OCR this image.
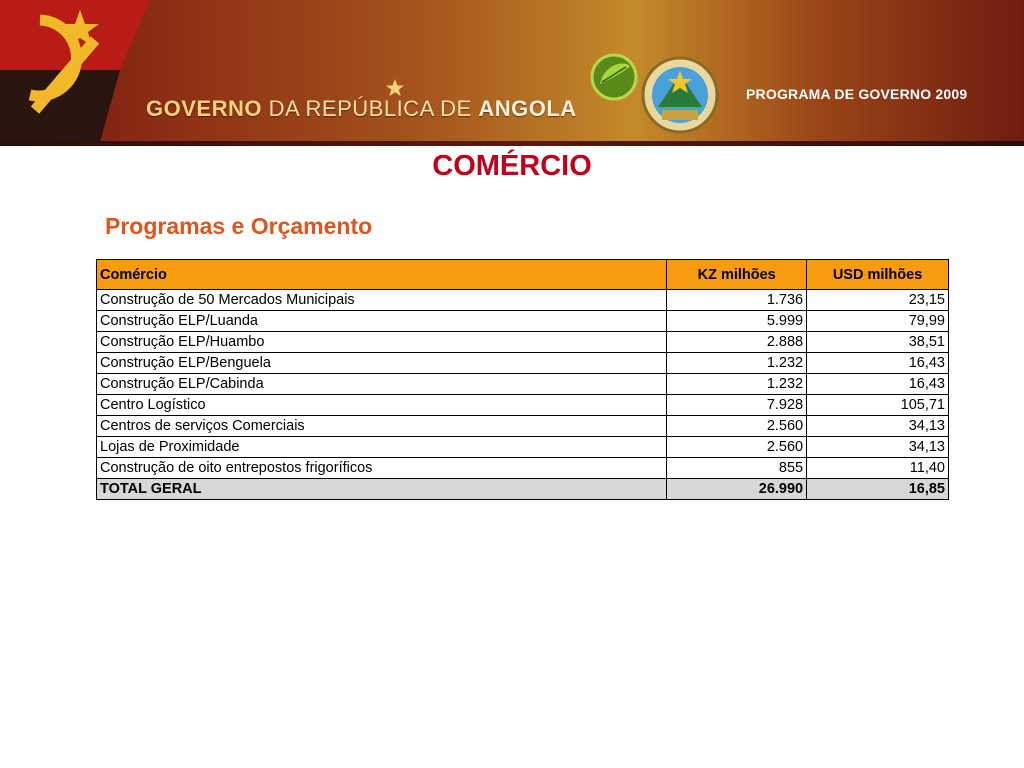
GOVERNO DA REPÚBLICA DE ANGOLA
PROGRAMA DE GOVERNO 2009
COMÉRCIO
Programas e Orçamento
Comércio	KZ milhões	USD milhões
Construção de 50 Mercados Municipais	1.736	23,15
Construção ELP/Luanda	5.999	79,99
Construção ELP/Huambo	2.888	38,51
Construção ELP/Benguela	1.232	16,43
Construção ELP/Cabinda	1.232	16,43
Centro Logístico	7.928	105,71
Centros de serviços Comerciais	2.560	34,13
Lojas de Proximidade	2.560	34,13
Construção de oito entrepostos frigoríficos	855	11,40
TOTAL GERAL	26.990	16,85
